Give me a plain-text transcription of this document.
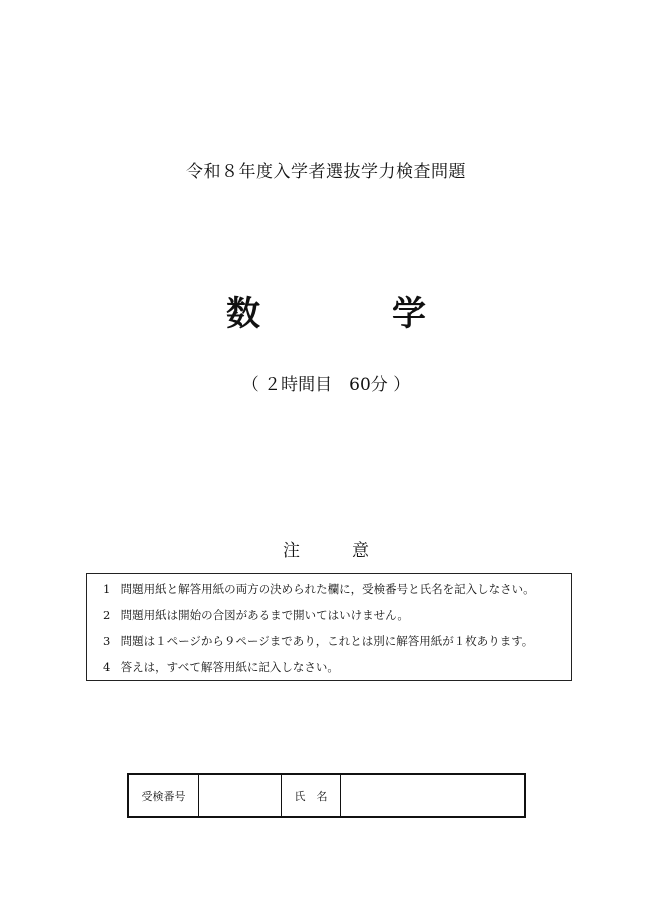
令和８年度入学者選抜学力検査問題
数	学
（ ２時間目　60分 ）
注	意
1 問題用紙と解答用紙の両方の決められた欄に，受検番号と氏名を記入しなさい。
2 問題用紙は開始の合図があるまで開いてはいけません。
3 問題は１ページから９ページまであり，これとは別に解答用紙が１枚あります。
4 答えは，すべて解答用紙に記入しなさい。
受検番号	氏　名
